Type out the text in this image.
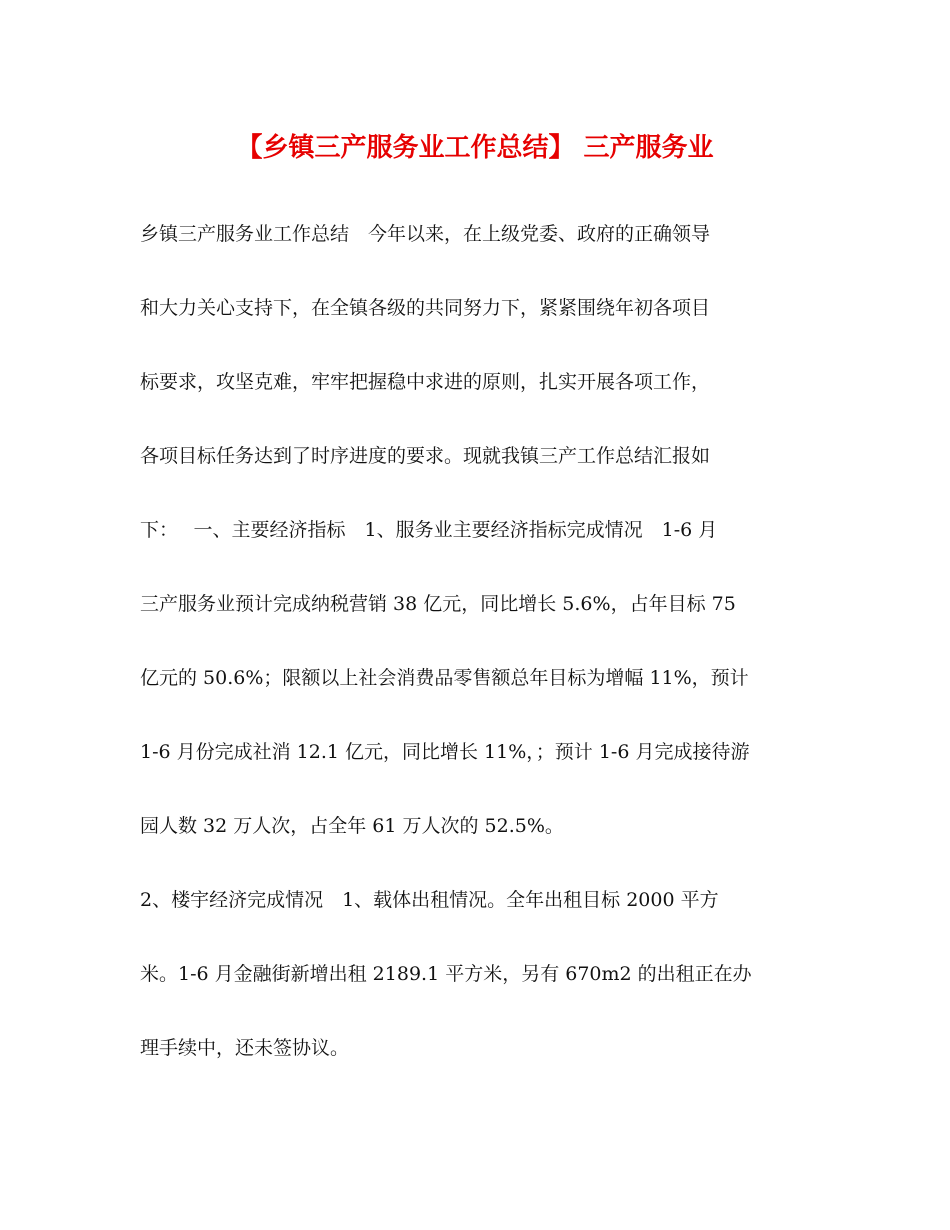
【乡镇三产服务业工作总结】 三产服务业
乡镇三产服务业工作总结　今年以来，在上级党委、政府的正确领导
和大力关心支持下，在全镇各级的共同努力下，紧紧围绕年初各项目
标要求，攻坚克难，牢牢把握稳中求进的原则，扎实开展各项工作，
各项目标任务达到了时序进度的要求。现就我镇三产工作总结汇报如
下：　 一、主要经济指标　1、服务业主要经济指标完成情况　1-6 月
三产服务业预计完成纳税营销 38 亿元，同比增长 5.6%，占年目标 75
亿元的 50.6%；限额以上社会消费品零售额总年目标为增幅 11%，预计
1-6 月份完成社消 12.1 亿元，同比增长 11%，；预计 1-6 月完成接待游
园人数 32 万人次，占全年 61 万人次的 52.5%。
2、楼宇经济完成情况　1、载体出租情况。全年出租目标 2000 平方
米。1-6 月金融街新增出租 2189.1 平方米，另有 670m2 的出租正在办
理手续中，还未签协议。
